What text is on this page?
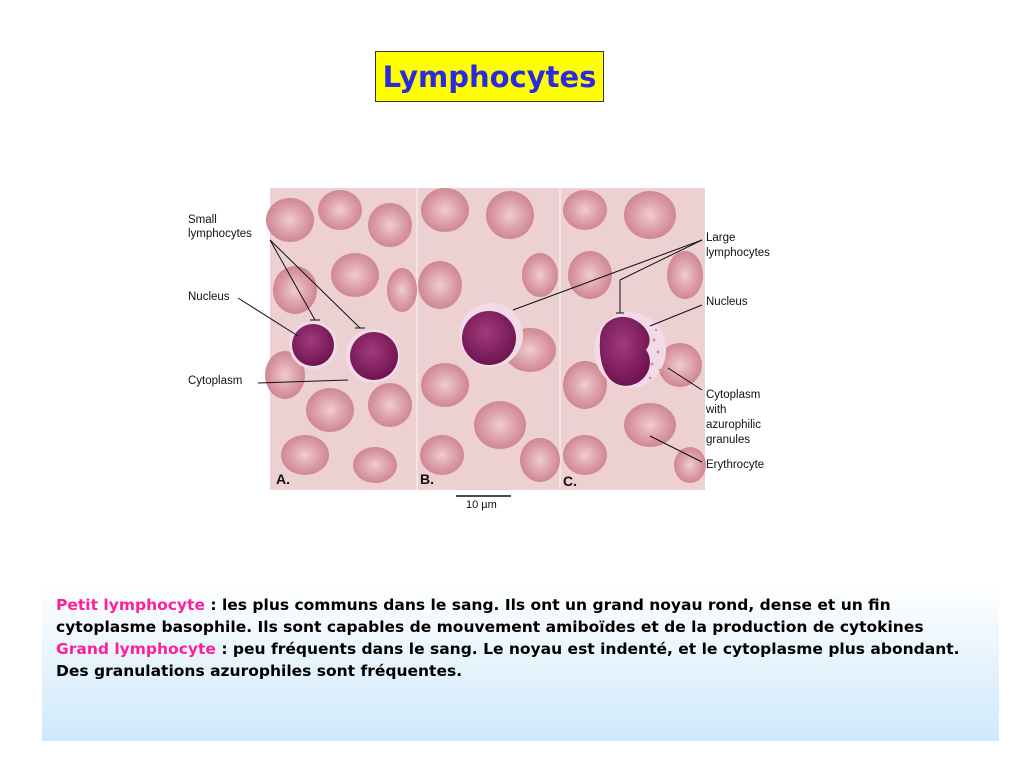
Lymphocytes
A.	B.	C.
10 µm
Small
lymphocytes
Nucleus
Cytoplasm
Large
lymphocytes
Nucleus
Cytoplasm
with
azurophilic
granules
Erythrocyte

Petit lymphocyte : les plus communs dans le sang. Ils ont un grand noyau rond, dense et un fin cytoplasme basophile. Ils sont capables de mouvement amiboïdes et de la production de cytokines

Grand lymphocyte : peu fréquents dans le sang. Le noyau est indenté, et le cytoplasme plus abondant. Des granulations azurophiles sont fréquentes.
